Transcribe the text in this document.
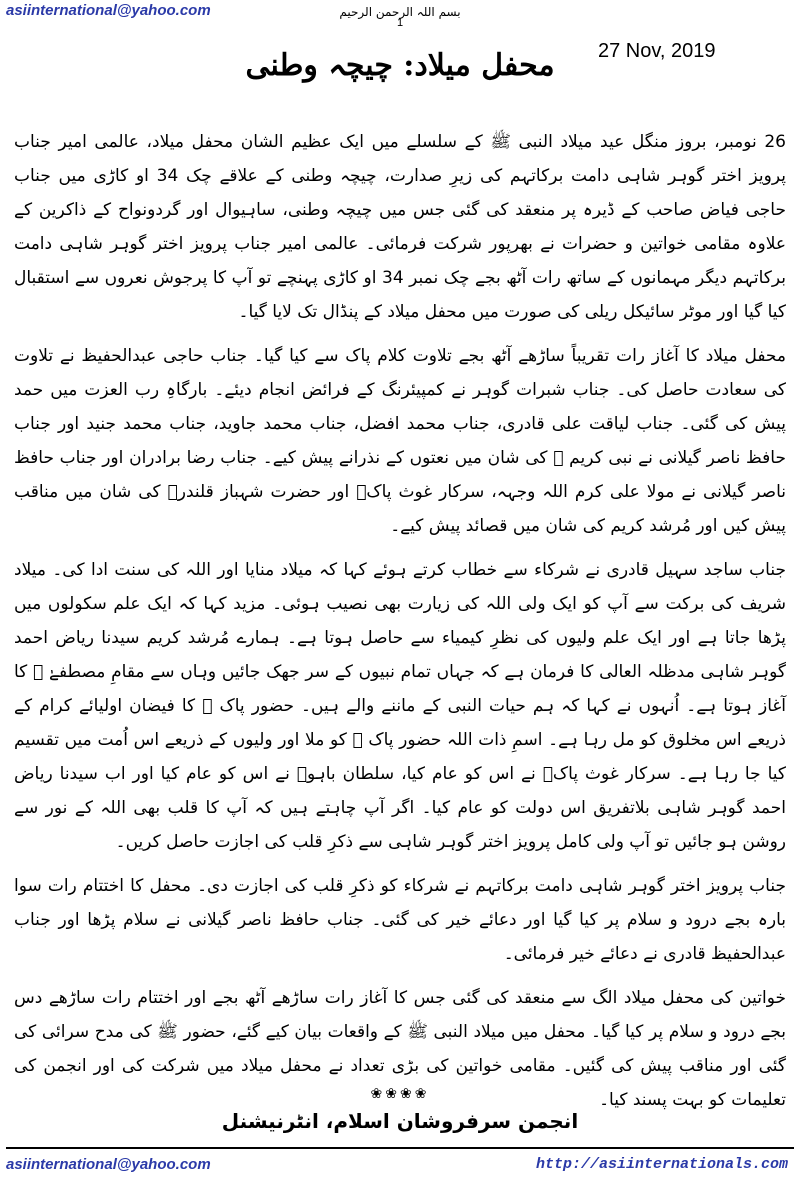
asiinternational@yahoo.com	بسم اللہ الرحمن الرحیم
1
27 Nov, 2019
محفل میلاد: چیچہ وطنی

26 نومبر، بروز منگل عید میلاد النبی ﷺ کے سلسلے میں ایک عظیم الشان محفل میلاد، عالمی امیر جناب پرویز اختر گوہر شاہی دامت برکاتہم کی زیرِ صدارت، چیچہ وطنی کے علاقے چک 34 او کاڑی میں جناب حاجی فیاض صاحب کے ڈیرہ پر منعقد کی گئی جس میں چیچہ وطنی، ساہیوال اور گردونواح کے ذاکرین کے علاوہ مقامی خواتین و حضرات نے بھرپور شرکت فرمائی۔ عالمی امیر جناب پرویز اختر گوہر شاہی دامت برکاتہم دیگر مہمانوں کے ساتھ رات آٹھ بجے چک نمبر 34 او کاڑی پہنچے تو آپ کا پرجوش نعروں سے استقبال کیا گیا اور موٹر سائیکل ریلی کی صورت میں محفل میلاد کے پنڈال تک لایا گیا۔

محفل میلاد کا آغاز رات تقریباً ساڑھے آٹھ بجے تلاوت کلام پاک سے کیا گیا۔ جناب حاجی عبدالحفیظ نے تلاوت کی سعادت حاصل کی۔ جناب شبرات گوہر نے کمپیئرنگ کے فرائض انجام دیئے۔ بارگاہِ رب العزت میں حمد پیش کی گئی۔ جناب لیاقت علی قادری، جناب محمد افضل، جناب محمد جاوید، جناب محمد جنید اور جناب حافظ ناصر گیلانی نے نبی کریم ﷺ کی شان میں نعتوں کے نذرانے پیش کیے۔ جناب رضا برادران اور جناب حافظ ناصر گیلانی نے مولا علی کرم اللہ وجہہ، سرکار غوث پاکؒ اور حضرت شہباز قلندرؒ کی شان میں مناقب پیش کیں اور مُرشد کریم کی شان میں قصائد پیش کیے۔

جناب ساجد سہیل قادری نے شرکاء سے خطاب کرتے ہوئے کہا کہ میلاد منایا اور اللہ کی سنت ادا کی۔ میلاد شریف کی برکت سے آپ کو ایک ولی اللہ کی زیارت بھی نصیب ہوئی۔ مزید کہا کہ ایک علم سکولوں میں پڑھا جاتا ہے اور ایک علم ولیوں کی نظرِ کیمیاء سے حاصل ہوتا ہے۔ ہمارے مُرشد کریم سیدنا ریاض احمد گوہر شاہی مدظلہ العالی کا فرمان ہے کہ جہاں تمام نبیوں کے سر جھک جائیں وہاں سے مقامِ مصطفےٰ ﷺ کا آغاز ہوتا ہے۔ اُنہوں نے کہا کہ ہم حیات النبی کے ماننے والے ہیں۔ حضور پاک ﷺ کا فیضان اولیائے کرام کے ذریعے اس مخلوق کو مل رہا ہے۔ اسمِ ذات اللہ حضور پاک ﷺ کو ملا اور ولیوں کے ذریعے اس اُمت میں تقسیم کیا جا رہا ہے۔ سرکار غوث پاکؓ نے اس کو عام کیا، سلطان باہوؒ نے اس کو عام کیا اور اب سیدنا ریاض احمد گوہر شاہی بلاتفریق اس دولت کو عام کیا۔ اگر آپ چاہتے ہیں کہ آپ کا قلب بھی اللہ کے نور سے روشن ہو جائیں تو آپ ولی کامل پرویز اختر گوہر شاہی سے ذکرِ قلب کی اجازت حاصل کریں۔

جناب پرویز اختر گوہر شاہی دامت برکاتہم نے شرکاء کو ذکرِ قلب کی اجازت دی۔ محفل کا اختتام رات سوا بارہ بجے درود و سلام پر کیا گیا اور دعائے خیر کی گئی۔ جناب حافظ ناصر گیلانی نے سلام پڑھا اور جناب عبدالحفیظ قادری نے دعائے خیر فرمائی۔

خواتین کی محفل میلاد الگ سے منعقد کی گئی جس کا آغاز رات ساڑھے آٹھ بجے اور اختتام رات ساڑھے دس بجے درود و سلام پر کیا گیا۔ محفل میں میلاد النبی ﷺ کے واقعات بیان کیے گئے، حضور ﷺ کی مدح سرائی کی گئی اور مناقب پیش کی گئیں۔ مقامی خواتین کی بڑی تعداد نے محفل میلاد میں شرکت کی اور انجمن کی تعلیمات کو بہت پسند کیا۔

❀❀❀❀
انجمن سرفروشان اسلام، انٹرنیشنل
asiinternational@yahoo.com	http://asiinternationals.com
